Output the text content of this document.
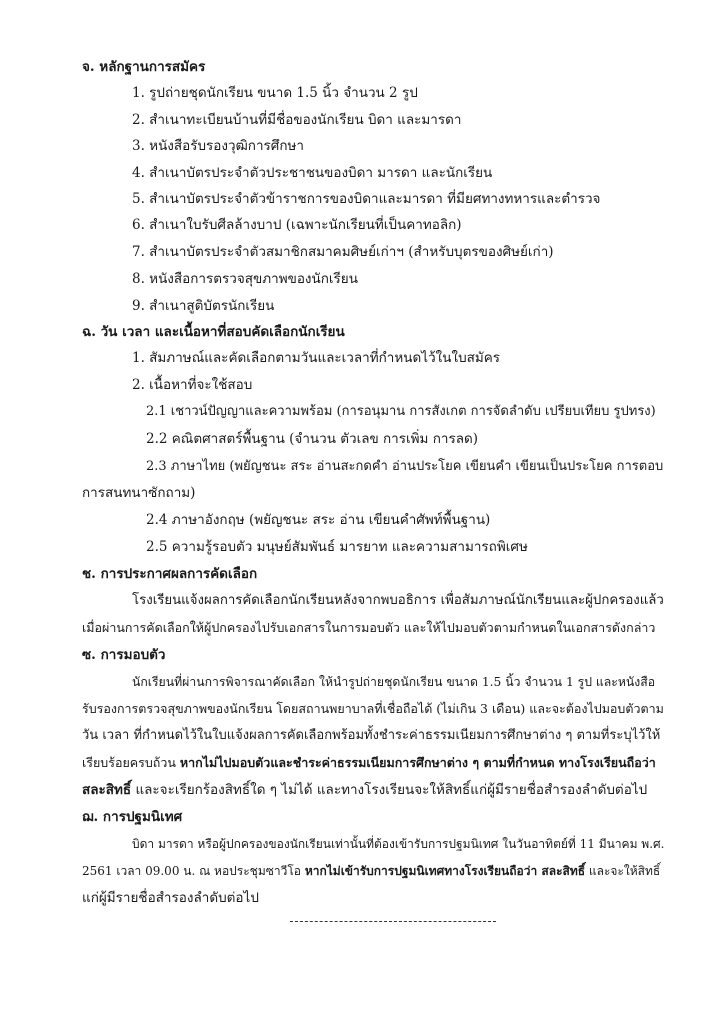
จ. หลักฐานการสมัคร
1. รูปถ่ายชุดนักเรียน ขนาด 1.5 นิ้ว จำนวน 2 รูป
2. สำเนาทะเบียนบ้านที่มีชื่อของนักเรียน บิดา และมารดา
3. หนังสือรับรองวุฒิการศึกษา
4. สำเนาบัตรประจำตัวประชาชนของบิดา มารดา และนักเรียน
5. สำเนาบัตรประจำตัวข้าราชการของบิดาและมารดา ที่มียศทางทหารและตำรวจ
6. สำเนาใบรับศีลล้างบาป (เฉพาะนักเรียนที่เป็นคาทอลิก)
7. สำเนาบัตรประจำตัวสมาชิกสมาคมศิษย์เก่าฯ (สำหรับบุตรของศิษย์เก่า)
8. หนังสือการตรวจสุขภาพของนักเรียน
9. สำเนาสูติบัตรนักเรียน
ฉ. วัน เวลา และเนื้อหาที่สอบคัดเลือกนักเรียน
1. สัมภาษณ์และคัดเลือกตามวันและเวลาที่กำหนดไว้ในใบสมัคร
2. เนื้อหาที่จะใช้สอบ
2.1 เชาวน์ปัญญาและความพร้อม (การอนุมาน การสังเกต การจัดลำดับ เปรียบเทียบ รูปทรง)
2.2 คณิตศาสตร์พื้นฐาน (จำนวน ตัวเลข การเพิ่ม การลด)
2.3 ภาษาไทย (พยัญชนะ สระ อ่านสะกดคำ อ่านประโยค เขียนคำ เขียนเป็นประโยค การตอบ
การสนทนาซักถาม)
2.4 ภาษาอังกฤษ (พยัญชนะ สระ อ่าน เขียนคำศัพท์พื้นฐาน)
2.5 ความรู้รอบตัว มนุษย์สัมพันธ์ มารยาท และความสามารถพิเศษ
ช. การประกาศผลการคัดเลือก
โรงเรียนแจ้งผลการคัดเลือกนักเรียนหลังจากพบอธิการ เพื่อสัมภาษณ์นักเรียนและผู้ปกครองแล้ว
เมื่อผ่านการคัดเลือกให้ผู้ปกครองไปรับเอกสารในการมอบตัว และให้ไปมอบตัวตามกำหนดในเอกสารดังกล่าว
ซ. การมอบตัว
นักเรียนที่ผ่านการพิจารณาคัดเลือก ให้นำรูปถ่ายชุดนักเรียน ขนาด 1.5 นิ้ว จำนวน 1 รูป และหนังสือ
รับรองการตรวจสุขภาพของนักเรียน โดยสถานพยาบาลที่เชื่อถือได้ (ไม่เกิน 3 เดือน) และจะต้องไปมอบตัวตาม
วัน เวลา ที่กำหนดไว้ในใบแจ้งผลการคัดเลือกพร้อมทั้งชำระค่าธรรมเนียมการศึกษาต่าง ๆ ตามที่ระบุไว้ให้
เรียบร้อยครบถ้วน หากไม่ไปมอบตัวและชำระค่าธรรมเนียมการศึกษาต่าง ๆ ตามที่กำหนด ทางโรงเรียนถือว่า
สละสิทธิ์ และจะเรียกร้องสิทธิ์ใด ๆ ไม่ได้ และทางโรงเรียนจะให้สิทธิ์แก่ผู้มีรายชื่อสำรองลำดับต่อไป
ฌ. การปฐมนิเทศ
บิดา มารดา หรือผู้ปกครองของนักเรียนเท่านั้นที่ต้องเข้ารับการปฐมนิเทศ ในวันอาทิตย์ที่ 11 มีนาคม พ.ศ.
2561 เวลา 09.00 น. ณ หอประชุมซาวีโอ หากไม่เข้ารับการปฐมนิเทศทางโรงเรียนถือว่า สละสิทธิ์ และจะให้สิทธิ์
แก่ผู้มีรายชื่อสำรองลำดับต่อไป
